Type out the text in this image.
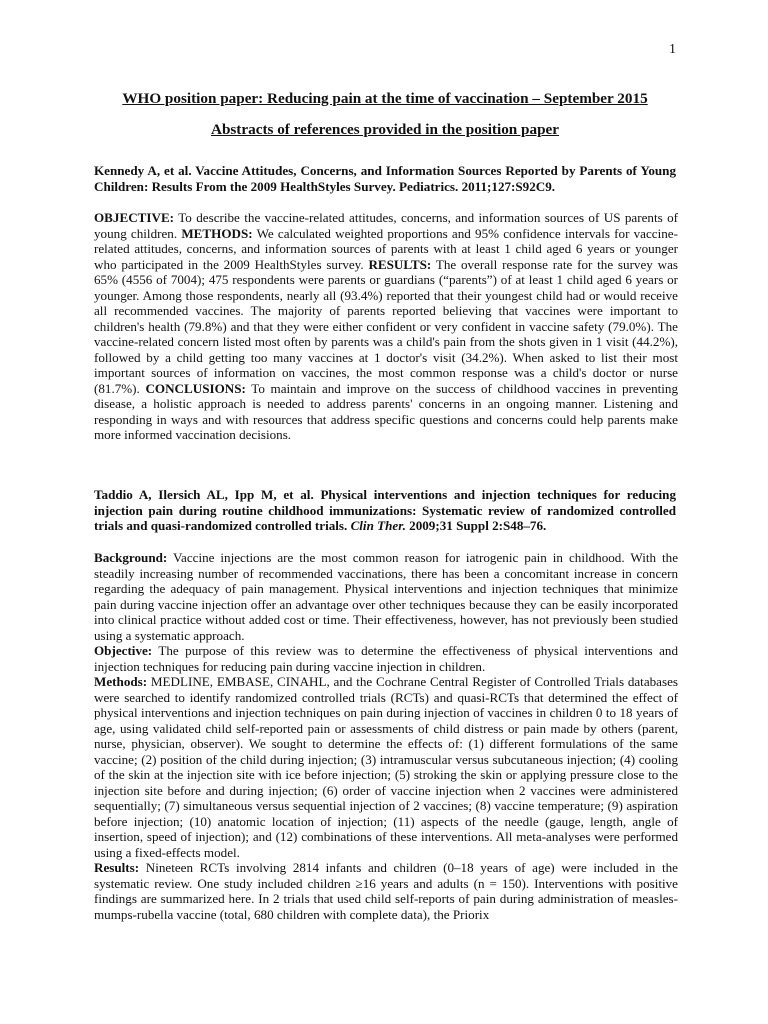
1
WHO position paper: Reducing pain at the time of vaccination – September 2015
Abstracts of references provided in the position paper
Kennedy A, et al. Vaccine Attitudes, Concerns, and Information Sources Reported by Parents of Young Children: Results From the 2009 HealthStyles Survey. Pediatrics. 2011;127:S92C9.

OBJECTIVE: To describe the vaccine-related attitudes, concerns, and information sources of US parents of young children. METHODS: We calculated weighted proportions and 95% confidence intervals for vaccine-related attitudes, concerns, and information sources of parents with at least 1 child aged 6 years or younger who participated in the 2009 HealthStyles survey. RESULTS: The overall response rate for the survey was 65% (4556 of 7004); 475 respondents were parents or guardians (“parents”) of at least 1 child aged 6 years or younger. Among those respondents, nearly all (93.4%) reported that their youngest child had or would receive all recommended vaccines. The majority of parents reported believing that vaccines were important to children's health (79.8%) and that they were either confident or very confident in vaccine safety (79.0%). The vaccine-related concern listed most often by parents was a child's pain from the shots given in 1 visit (44.2%), followed by a child getting too many vaccines at 1 doctor's visit (34.2%). When asked to list their most important sources of information on vaccines, the most common response was a child's doctor or nurse (81.7%). CONCLUSIONS: To maintain and improve on the success of childhood vaccines in preventing disease, a holistic approach is needed to address parents' concerns in an ongoing manner. Listening and responding in ways and with resources that address specific questions and concerns could help parents make more informed vaccination decisions.

Taddio A, Ilersich AL, Ipp M, et al. Physical interventions and injection techniques for reducing injection pain during routine childhood immunizations: Systematic review of randomized controlled trials and quasi-randomized controlled trials. Clin Ther. 2009;31 Suppl 2:S48–76.

Background: Vaccine injections are the most common reason for iatrogenic pain in childhood. With the steadily increasing number of recommended vaccinations, there has been a concomitant increase in concern regarding the adequacy of pain management. Physical interventions and injection techniques that minimize pain during vaccine injection offer an advantage over other techniques because they can be easily incorporated into clinical practice without added cost or time. Their effectiveness, however, has not previously been studied using a systematic approach.

Objective: The purpose of this review was to determine the effectiveness of physical interventions and injection techniques for reducing pain during vaccine injection in children.

Methods: MEDLINE, EMBASE, CINAHL, and the Cochrane Central Register of Controlled Trials databases were searched to identify randomized controlled trials (RCTs) and quasi-RCTs that determined the effect of physical interventions and injection techniques on pain during injection of vaccines in children 0 to 18 years of age, using validated child self-reported pain or assessments of child distress or pain made by others (parent, nurse, physician, observer). We sought to determine the effects of: (1) different formulations of the same vaccine; (2) position of the child during injection; (3) intramuscular versus subcutaneous injection; (4) cooling of the skin at the injection site with ice before injection; (5) stroking the skin or applying pressure close to the injection site before and during injection; (6) order of vaccine injection when 2 vaccines were administered sequentially; (7) simultaneous versus sequential injection of 2 vaccines; (8) vaccine temperature; (9) aspiration before injection; (10) anatomic location of injection; (11) aspects of the needle (gauge, length, angle of insertion, speed of injection); and (12) combinations of these interventions. All meta-analyses were performed using a fixed-effects model.

Results: Nineteen RCTs involving 2814 infants and children (0–18 years of age) were included in the systematic review. One study included children ≥16 years and adults (n = 150). Interventions with positive findings are summarized here. In 2 trials that used child self-reports of pain during administration of measles-mumps-rubella vaccine (total, 680 children with complete data), the Priorix
